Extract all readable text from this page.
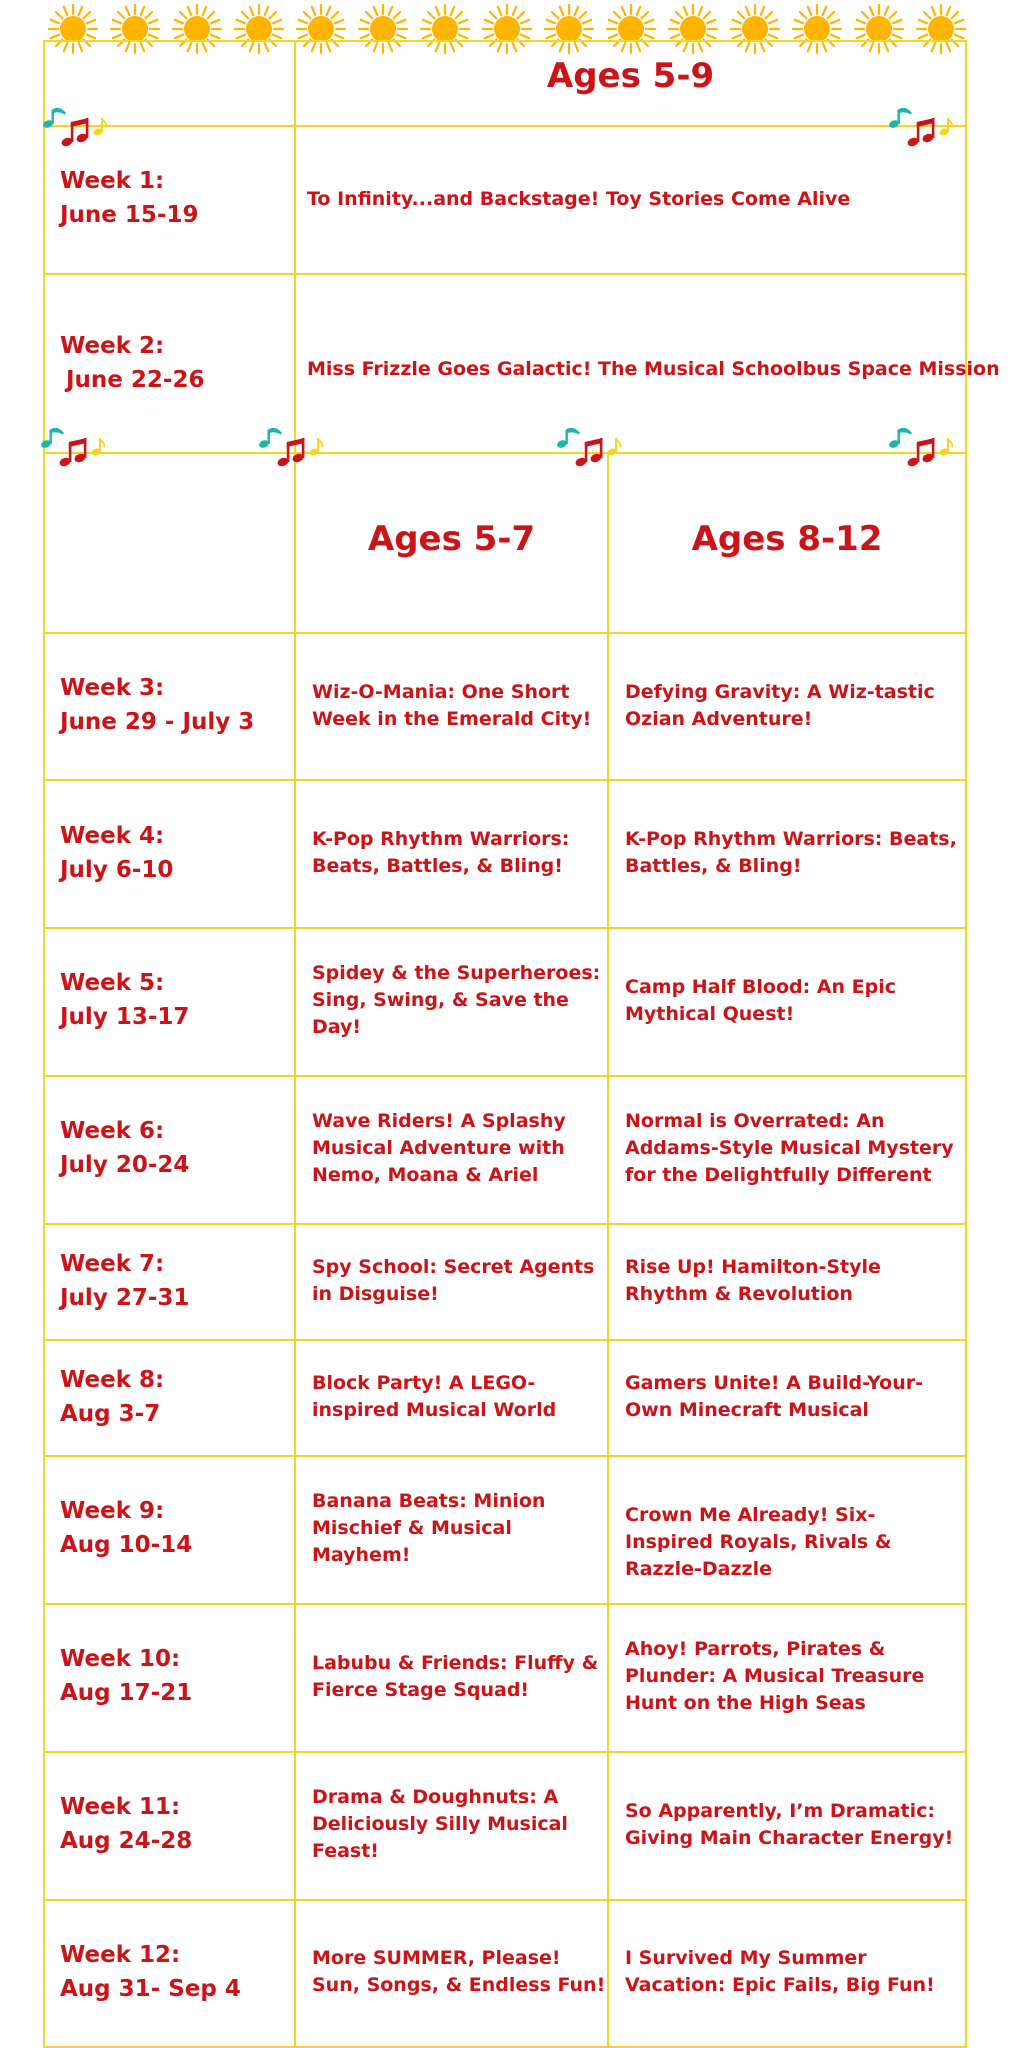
Ages 5-9
Week 1:
June 15-19
To Infinity...and Backstage! Toy Stories Come Alive
Week 2:
June 22-26	Miss Frizzle Goes Galactic! The Musical Schoolbus Space Mission
Ages 5-7	Ages 8-12
Week 3:
June 29 - July 3
Wiz-O-Mania: One Short Week in the Emerald City!
Defying Gravity: A Wiz-tastic Ozian Adventure!
Week 4:
July 6-10
K-Pop Rhythm Warriors: Beats, Battles, & Bling!
K-Pop Rhythm Warriors: Beats, Battles, & Bling!
Week 5:
July 13-17
Spidey & the Superheroes: Sing, Swing, & Save the Day!
Camp Half Blood: An Epic Mythical Quest!
Week 6:
July 20-24
Wave Riders! A Splashy Musical Adventure with Nemo, Moana & Ariel
Normal is Overrated: An Addams-Style Musical Mystery for the Delightfully Different
Week 7:
July 27-31
Spy School: Secret Agents in Disguise!
Rise Up! Hamilton-Style Rhythm & Revolution
Week 8:
Aug 3-7
Block Party! A LEGO-inspired Musical World
Gamers Unite! A Build-Your-Own Minecraft Musical
Week 9:
Aug 10-14
Banana Beats: Minion Mischief & Musical Mayhem!
Crown Me Already! Six-Inspired Royals, Rivals & Razzle-Dazzle
Week 10:
Aug 17-21
Labubu & Friends: Fluffy & Fierce Stage Squad!
Ahoy! Parrots, Pirates & Plunder: A Musical Treasure Hunt on the High Seas
Week 11:
Aug 24-28
Drama & Doughnuts: A Deliciously Silly Musical Feast!
So Apparently, I’m Dramatic: Giving Main Character Energy!
Week 12:
Aug 31- Sep 4
More SUMMER, Please! Sun, Songs, & Endless Fun!
I Survived My Summer Vacation: Epic Fails, Big Fun!
